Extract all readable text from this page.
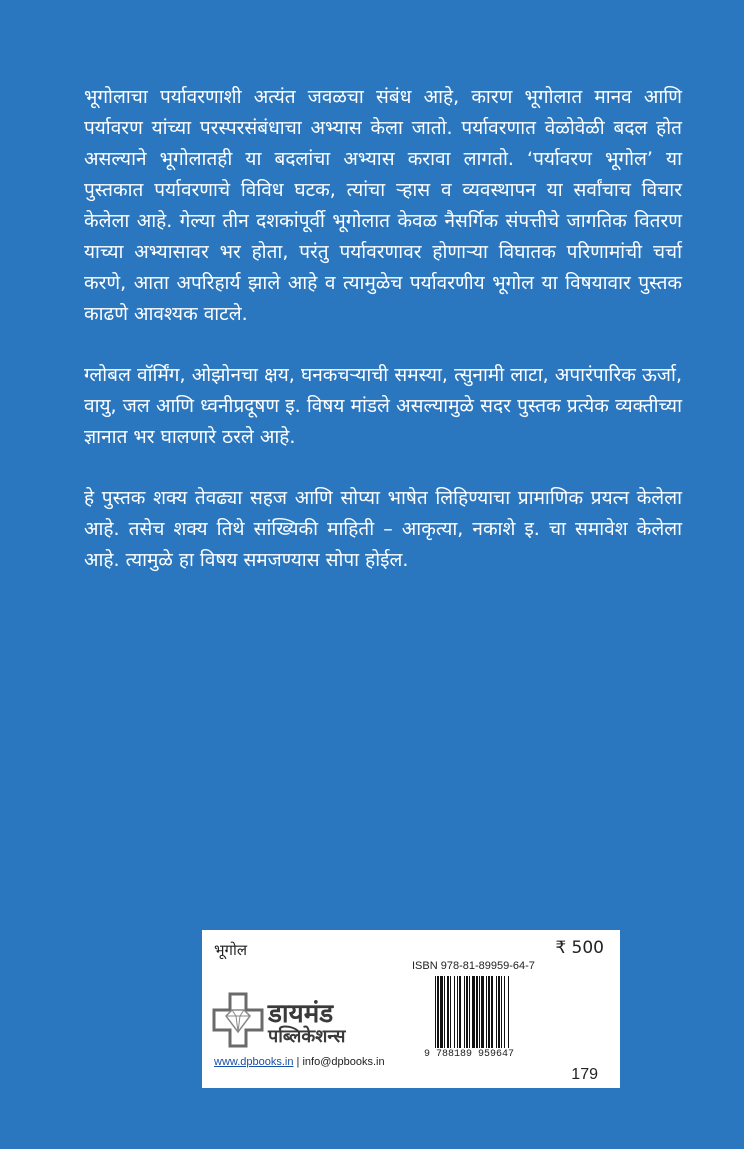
भूगोलाचा पर्यावरणाशी अत्यंत जवळचा संबंध आहे, कारण भूगोलात मानव आणि पर्यावरण यांच्या परस्परसंबंधाचा अभ्यास केला जातो. पर्यावरणात वेळोवेळी बदल होत असल्याने भूगोलातही या बदलांचा अभ्यास करावा लागतो. ‘पर्यावरण भूगोल’ या पुस्तकात पर्यावरणाचे विविध घटक, त्यांचा ऱ्हास व व्यवस्थापन या सर्वांचाच विचार केलेला आहे. गेल्या तीन दशकांपूर्वी भूगोलात केवळ नैसर्गिक संपत्तीचे जागतिक वितरण याच्या अभ्यासावर भर होता, परंतु पर्यावरणावर होणाऱ्या विघातक परिणामांची चर्चा करणे, आता अपरिहार्य झाले आहे व त्यामुळेच पर्यावरणीय भूगोल या विषयावार पुस्तक काढणे आवश्यक वाटले.

ग्लोबल वॉर्मिंग, ओझोनचा क्षय, घनकचऱ्याची समस्या, त्सुनामी लाटा, अपारंपारिक ऊर्जा, वायु, जल आणि ध्वनीप्रदूषण इ. विषय मांडले असल्यामुळे सदर पुस्तक प्रत्येक व्यक्तीच्या ज्ञानात भर घालणारे ठरले आहे.

हे पुस्तक शक्य तेवढ्या सहज आणि सोप्या भाषेत लिहिण्याचा प्रामाणिक प्रयत्न केलेला आहे. तसेच शक्य तिथे सांख्यिकी माहिती – आकृत्या, नकाशे इ. चा समावेश केलेला आहे. त्यामुळे हा विषय समजण्यास सोपा होईल.

भूगोल	₹ 500
ISBN 978-81-89959-64-7
9 788189 959647
डायमंड
पब्लिकेशन्स
www.dpbooks.in | info@dpbooks.in
179
